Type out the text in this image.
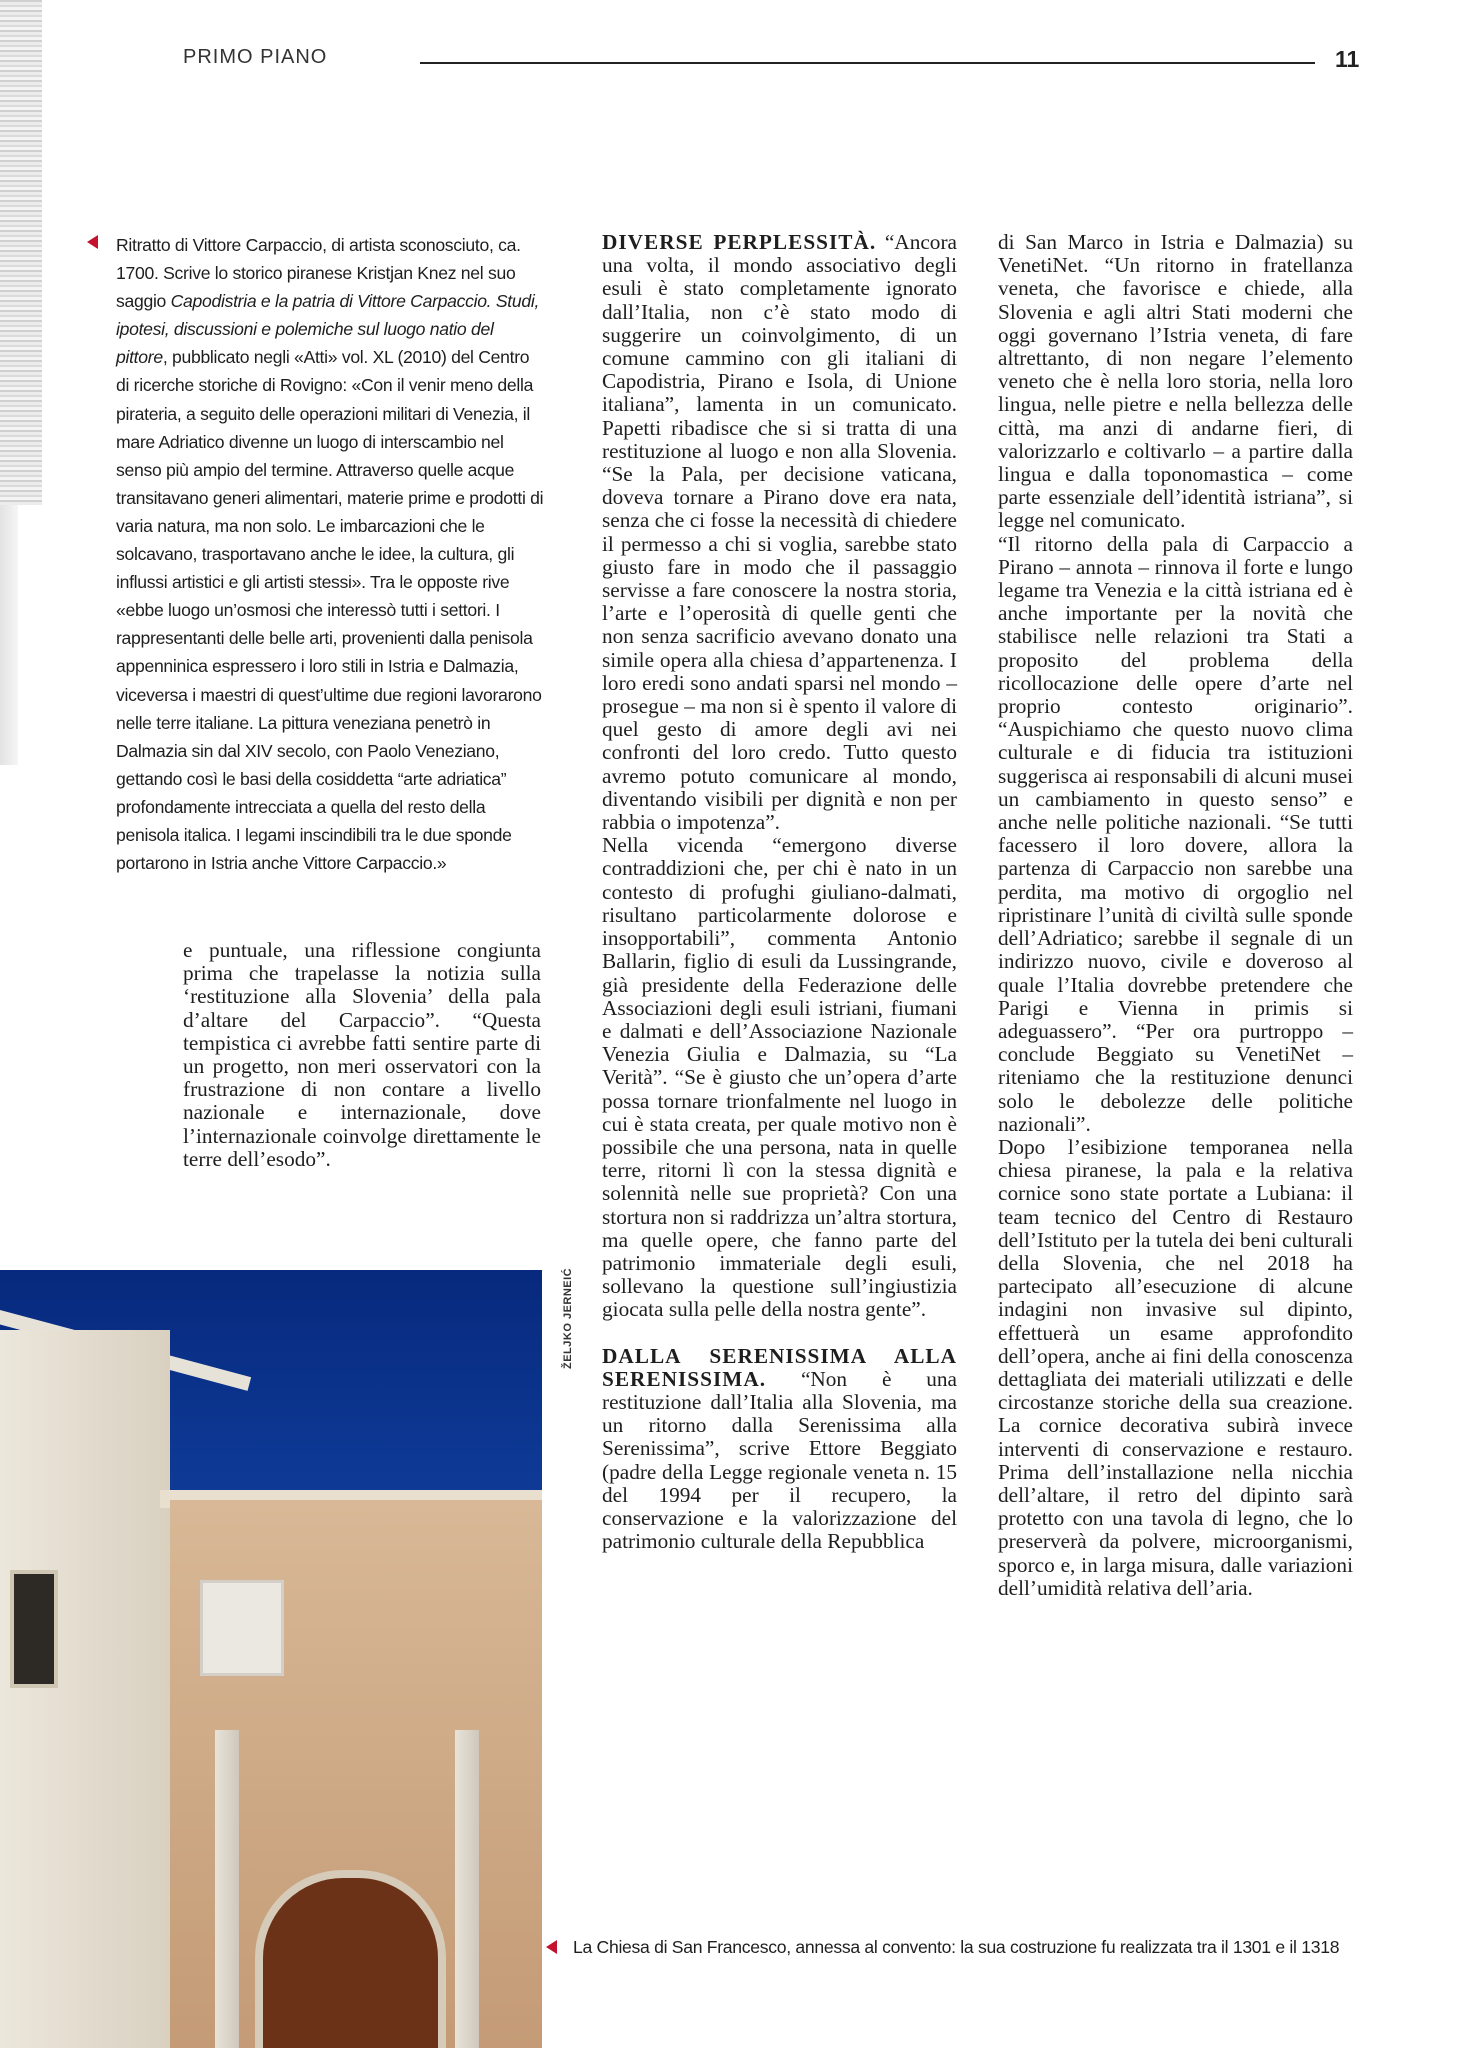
PRIMO PIANO	11
Ritratto di Vittore Carpaccio, di artista sconosciuto, ca. 1700. Scrive lo storico piranese Kristjan Knez nel suo saggio Capodistria e la patria di Vittore Carpaccio. Studi, ipotesi, discussioni e polemiche sul luogo natio del pittore, pubblicato negli «Atti» vol. XL (2010) del Centro di ricerche storiche di Rovigno: «Con il venir meno della pirateria, a seguito delle operazioni militari di Venezia, il mare Adriatico divenne un luogo di interscambio nel senso più ampio del termine. Attraverso quelle acque transitavano generi alimentari, materie prime e prodotti di varia natura, ma non solo. Le imbarcazioni che le solcavano, trasportavano anche le idee, la cultura, gli influssi artistici e gli artisti stessi». Tra le opposte rive «ebbe luogo un’osmosi che interessò tutti i settori. I rappresentanti delle belle arti, provenienti dalla penisola appenninica espressero i loro stili in Istria e Dalmazia, viceversa i maestri di quest’ultime due regioni lavorarono nelle terre italiane. La pittura veneziana penetrò in Dalmazia sin dal XIV secolo, con Paolo Veneziano, gettando così le basi della cosiddetta “arte adriatica” profondamente intrecciata a quella del resto della penisola italica. I legami inscindibili tra le due sponde portarono in Istria anche Vittore Carpaccio.»

e puntuale, una riflessione congiunta prima che trapelasse la notizia sulla ‘restituzione alla Slovenia’ della pala d’altare del Carpaccio”. “Questa tempistica ci avrebbe fatti sentire parte di un progetto, non meri osservatori con la frustrazione di non contare a livello nazionale e internazionale, dove l’internazionale coinvolge direttamente le terre dell’esodo”.

ŽELJKO JERNEIĆ

DIVERSE PERPLESSITÀ. “Ancora una volta, il mondo associativo degli esuli è stato completamente ignorato dall’Italia, non c’è stato modo di suggerire un coinvolgimento, di un comune cammino con gli italiani di Capodistria, Pirano e Isola, di Unione italiana”, lamenta in un comunicato. Papetti ribadisce che si si tratta di una restituzione al luogo e non alla Slovenia. “Se la Pala, per decisione vaticana, doveva tornare a Pirano dove era nata, senza che ci fosse la necessità di chiedere il permesso a chi si voglia, sarebbe stato giusto fare in modo che il passaggio servisse a fare conoscere la nostra storia, l’arte e l’operosità di quelle genti che non senza sacrificio avevano donato una simile opera alla chiesa d’appartenenza. I loro eredi sono andati sparsi nel mondo – prosegue – ma non si è spento il valore di quel gesto di amore degli avi nei confronti del loro credo. Tutto questo avremo potuto comunicare al mondo, diventando visibili per dignità e non per rabbia o impotenza”.

Nella vicenda “emergono diverse contraddizioni che, per chi è nato in un contesto di profughi giuliano-dalmati, risultano particolarmente dolorose e insopportabili”, commenta Antonio Ballarin, figlio di esuli da Lussingrande, già presidente della Federazione delle Associazioni degli esuli istriani, fiumani e dalmati e dell’Associazione Nazionale Venezia Giulia e Dalmazia, su “La Verità”. “Se è giusto che un’opera d’arte possa tornare trionfalmente nel luogo in cui è stata creata, per quale motivo non è possibile che una persona, nata in quelle terre, ritorni lì con la stessa dignità e solennità nelle sue proprietà? Con una stortura non si raddrizza un’altra stortura, ma quelle opere, che fanno parte del patrimonio immateriale degli esuli, sollevano la questione sull’ingiustizia giocata sulla pelle della nostra gente”.

DALLA SERENISSIMA ALLA SERENISSIMA. “Non è una restituzione dall’Italia alla Slovenia, ma un ritorno dalla Serenissima alla Serenissima”, scrive Ettore Beggiato (padre della Legge regionale veneta n. 15 del 1994 per il recupero, la conservazione e la valorizzazione del patrimonio culturale della Repubblica

di San Marco in Istria e Dalmazia) su VenetiNet. “Un ritorno in fratellanza veneta, che favorisce e chiede, alla Slovenia e agli altri Stati moderni che oggi governano l’Istria veneta, di fare altrettanto, di non negare l’elemento veneto che è nella loro storia, nella loro lingua, nelle pietre e nella bellezza delle città, ma anzi di andarne fieri, di valorizzarlo e coltivarlo – a partire dalla lingua e dalla toponomastica – come parte essenziale dell’identità istriana”, si legge nel comunicato.

“Il ritorno della pala di Carpaccio a Pirano – annota – rinnova il forte e lungo legame tra Venezia e la città istriana ed è anche importante per la novità che stabilisce nelle relazioni tra Stati a proposito del problema della ricollocazione delle opere d’arte nel proprio contesto originario”. “Auspichiamo che questo nuovo clima culturale e di fiducia tra istituzioni suggerisca ai responsabili di alcuni musei un cambiamento in questo senso” e anche nelle politiche nazionali. “Se tutti facessero il loro dovere, allora la partenza di Carpaccio non sarebbe una perdita, ma motivo di orgoglio nel ripristinare l’unità di civiltà sulle sponde dell’Adriatico; sarebbe il segnale di un indirizzo nuovo, civile e doveroso al quale l’Italia dovrebbe pretendere che Parigi e Vienna in primis si adeguassero”. “Per ora purtroppo – conclude Beggiato su VenetiNet – riteniamo che la restituzione denunci solo le debolezze delle politiche nazionali”.

Dopo l’esibizione temporanea nella chiesa piranese, la pala e la relativa cornice sono state portate a Lubiana: il team tecnico del Centro di Restauro dell’Istituto per la tutela dei beni culturali della Slovenia, che nel 2018 ha partecipato all’esecuzione di alcune indagini non invasive sul dipinto, effettuerà un esame approfondito dell’opera, anche ai fini della conoscenza dettagliata dei materiali utilizzati e delle circostanze storiche della sua creazione. La cornice decorativa subirà invece interventi di conservazione e restauro. Prima dell’installazione nella nicchia dell’altare, il retro del dipinto sarà protetto con una tavola di legno, che lo preserverà da polvere, microorganismi, sporco e, in larga misura, dalle variazioni dell’umidità relativa dell’aria.

La Chiesa di San Francesco, annessa al convento: la sua costruzione fu realizzata tra il 1301 e il 1318
